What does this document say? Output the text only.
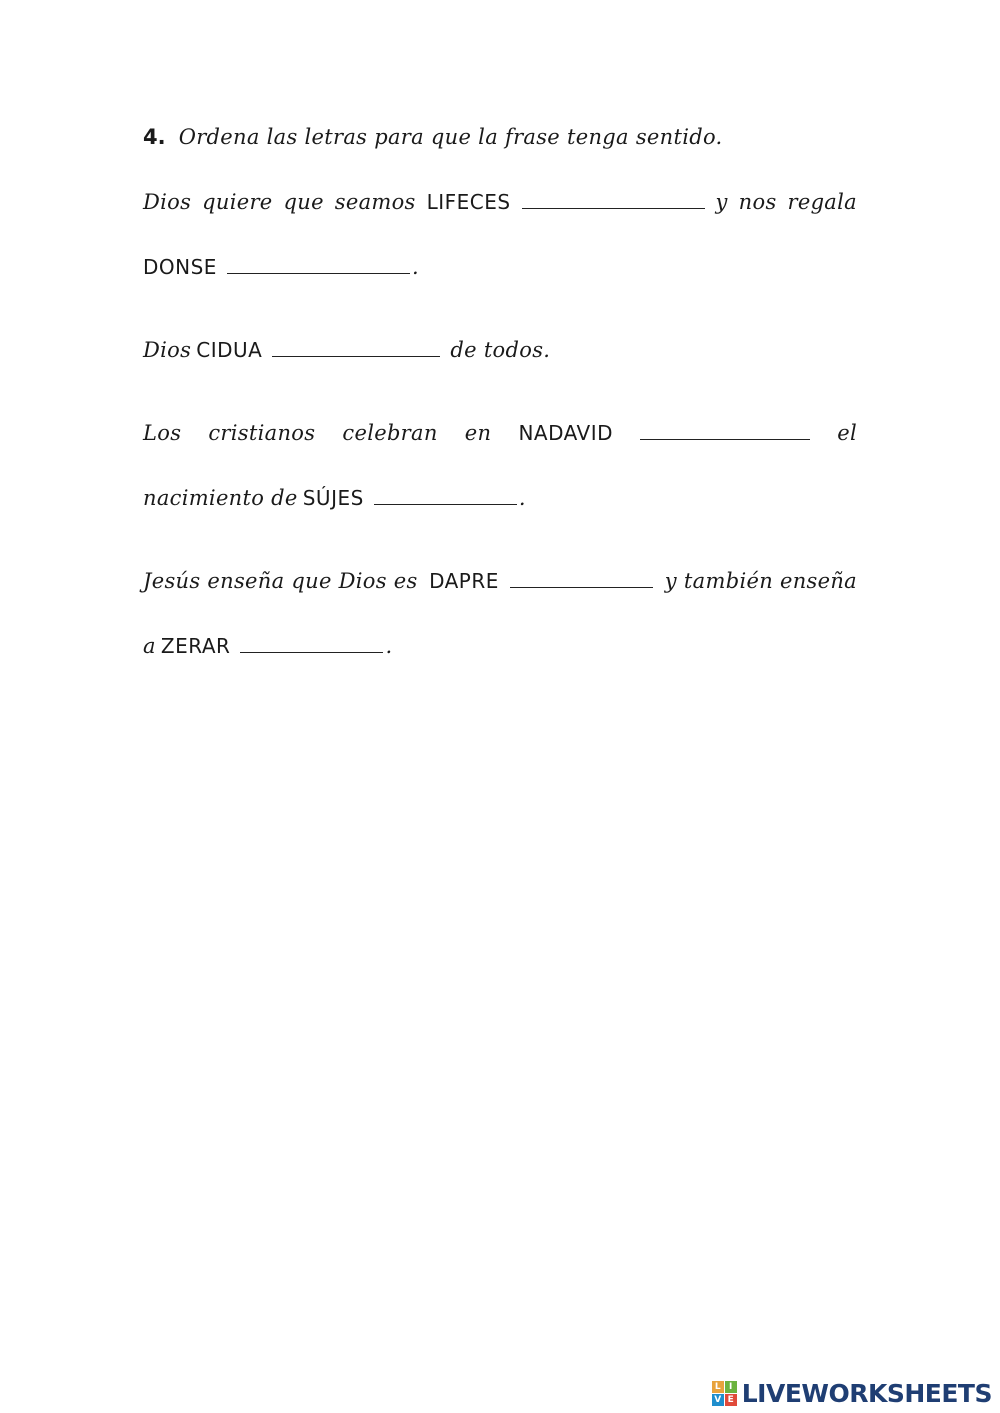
4. Ordena las letras para que la frase tenga sentido.
Dios quiere que seamos LIFECES	y nos regala
DONSE	.
Dios CIDUA	de todos.
Los cristianos celebran en NADAVID	el
nacimiento de SÚJES	.
Jesús enseña que Dios es DAPRE	y también enseña
a ZERAR	.
L I
V E LIVEWORKSHEETS
